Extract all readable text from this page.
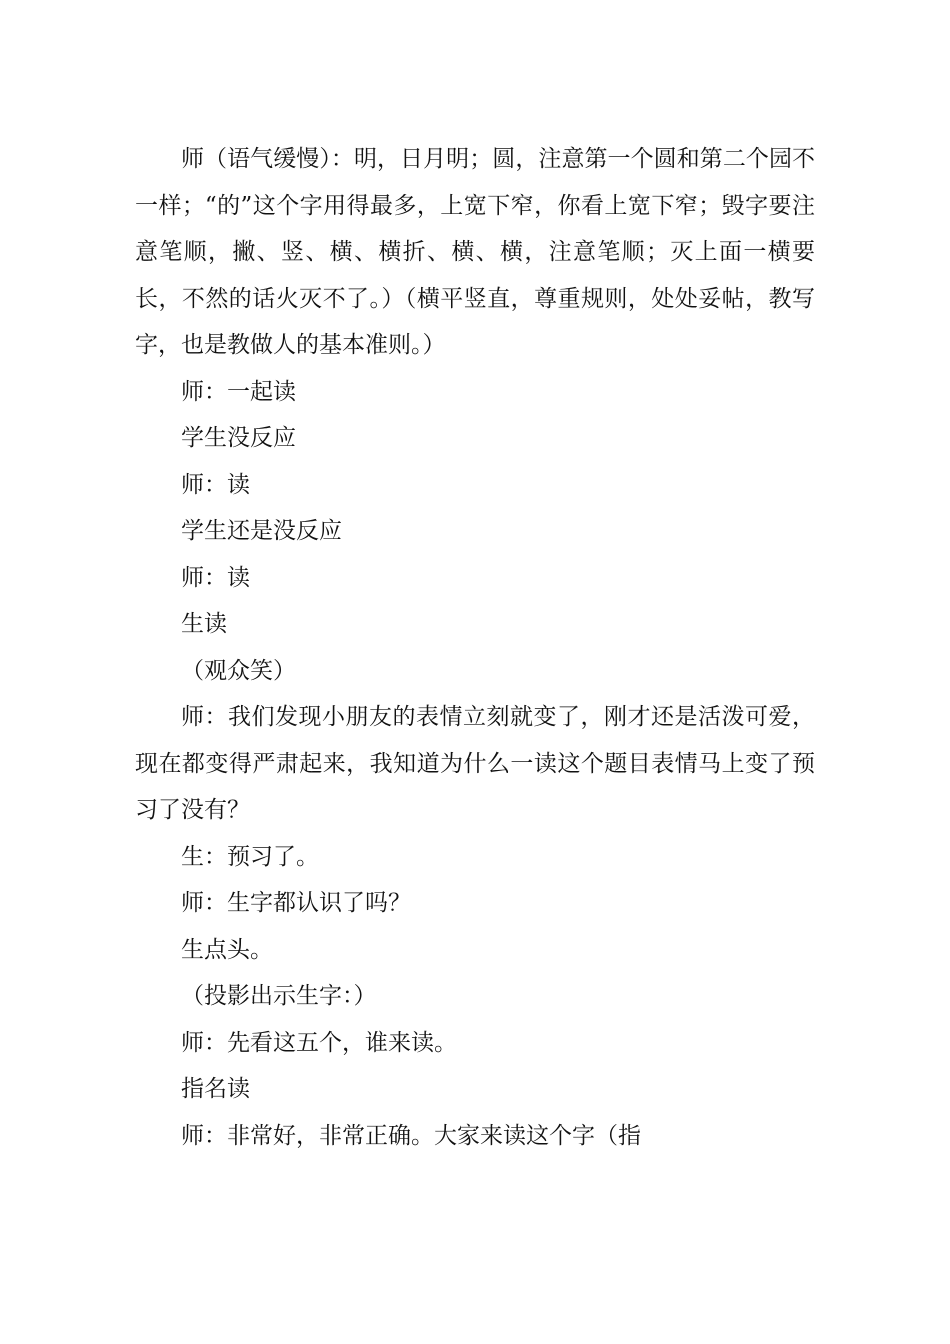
师（语气缓慢）：明，日月明；圆，注意第一个圆和第二个园不一样；“的”这个字用得最多，上宽下窄，你看上宽下窄；毁字要注意笔顺，撇、竖、横、横折、横、横，注意笔顺；灭上面一横要长，不然的话火灭不了。）（横平竖直，尊重规则，处处妥帖，教写字，也是教做人的基本准则。）

师：一起读

学生没反应

师：读

学生还是没反应

师：读

生读

（观众笑）

师：我们发现小朋友的表情立刻就变了，刚才还是活泼可爱，现在都变得严肃起来，我知道为什么一读这个题目表情马上变了预习了没有？

生：预习了。

师：生字都认识了吗？

生点头。

（投影出示生字：）

师：先看这五个，谁来读。

指名读

师：非常好，非常正确。大家来读这个字（指
